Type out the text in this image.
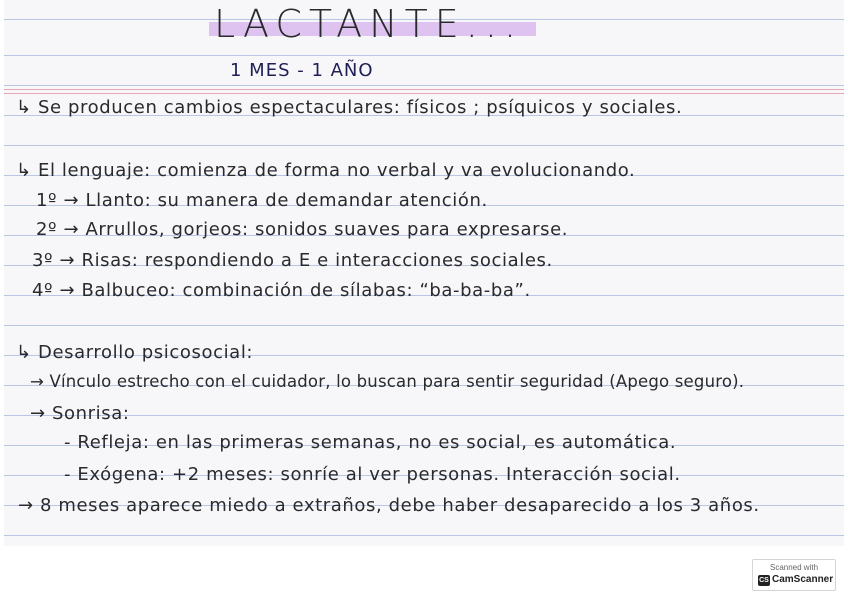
LACTANTE...
1 MES - 1 AÑO
↳ Se producen cambios espectaculares: físicos ; psíquicos y sociales.
↳ El lenguaje: comienza de forma no verbal y va evolucionando.
1º → Llanto: su manera de demandar atención.
2º → Arrullos, gorjeos: sonidos suaves para expresarse.
3º → Risas: respondiendo a E e interacciones sociales.
4º → Balbuceo: combinación de sílabas: “ba-ba-ba”.
↳ Desarrollo psicosocial:
→ Vínculo estrecho con el cuidador, lo buscan para sentir seguridad (Apego seguro).
→ Sonrisa:
- Refleja: en las primeras semanas, no es social, es automática.
- Exógena: +2 meses: sonríe al ver personas. Interacción social.
→ 8 meses aparece miedo a extraños, debe haber desaparecido a los 3 años.
Scanned with
CS CamScanner
